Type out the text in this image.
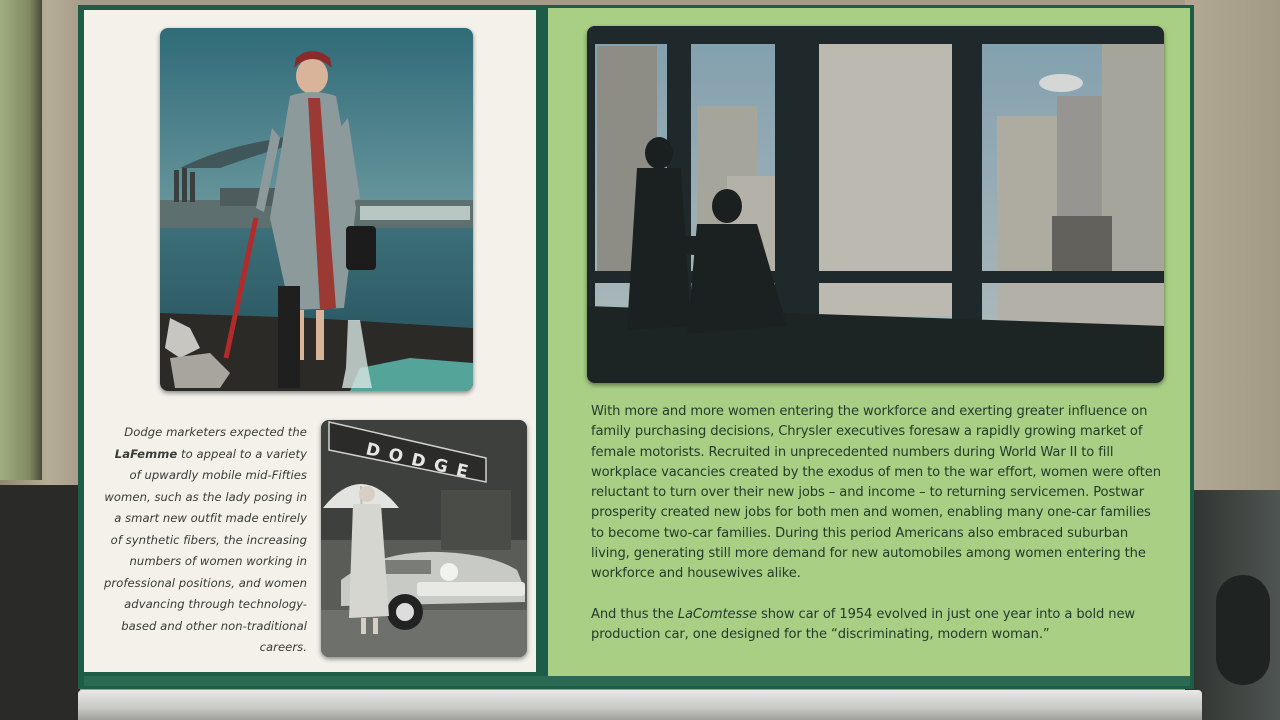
Dodge marketers expected the LaFemme to appeal to a variety of upwardly mobile mid-Fifties women, such as the lady posing in a smart new outfit made entirely of synthetic fibers, the increasing numbers of women working in professional positions, and women advancing through technology-based and other non-traditional careers.
DODGE

With more and more women entering the workforce and exerting greater influence on family purchasing decisions, Chrysler executives foresaw a rapidly growing market of female motorists. Recruited in unprecedented numbers during World War II to fill workplace vacancies created by the exodus of men to the war effort, women were often reluctant to turn over their new jobs – and income – to returning servicemen. Postwar prosperity created new jobs for both men and women, enabling many one-car families to become two-car families. During this period Americans also embraced suburban living, generating still more demand for new automobiles among women entering the workforce and housewives alike.

And thus the LaComtesse show car of 1954 evolved in just one year into a bold new production car, one designed for the “discriminating, modern woman.”
